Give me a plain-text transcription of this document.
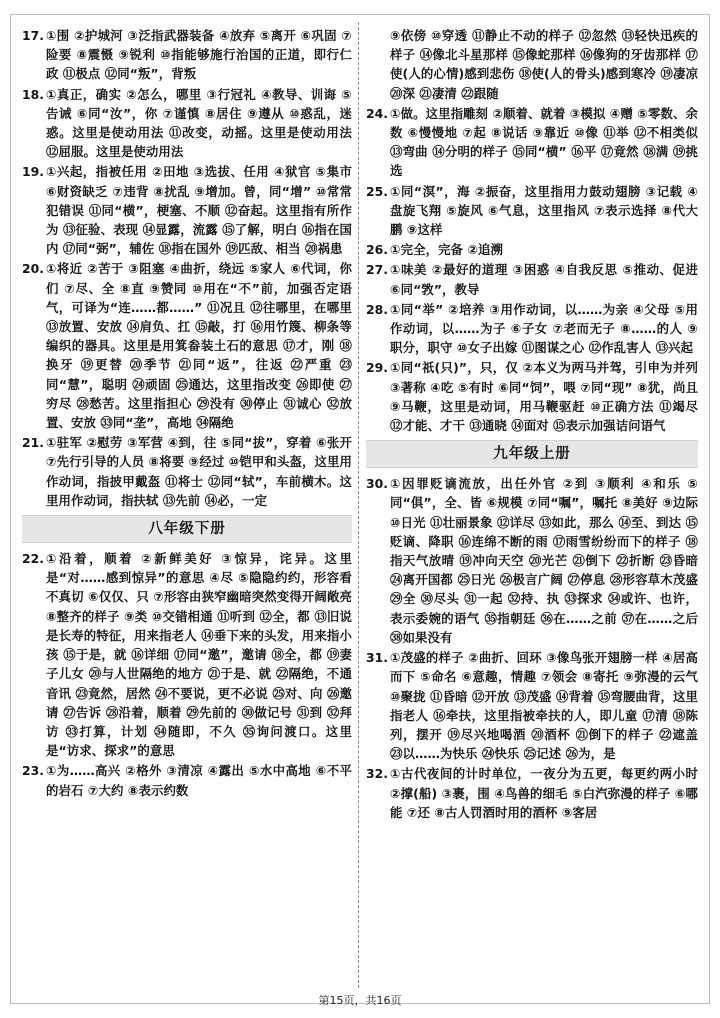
17. ①围 ②护城河 ③泛指武器装备 ④放弃 ⑤离开 ⑥巩固 ⑦险要 ⑧震慑 ⑨锐利 ⑩指能够施行治国的正道，即行仁政 ⑪极点 ⑫同“叛”，背叛
18. ①真正，确实 ②怎么，哪里 ③行冠礼 ④教导、训诲 ⑤告诫 ⑥同“汝”，你 ⑦谨慎 ⑧居住 ⑨遵从 ⑩惑乱，迷惑。这里是使动用法 ⑪改变，动摇。这里是使动用法 ⑫屈服。这里是使动用法
19. ①兴起，指被任用 ②田地 ③选拔、任用 ④狱官 ⑤集市 ⑥财资缺乏 ⑦违背 ⑧扰乱 ⑨增加。曾，同“增” ⑩常常犯错误 ⑪同“横”，梗塞、不顺 ⑫奋起。这里指有所作为 ⑬征验、表现 ⑭显露，流露 ⑮了解，明白 ⑯指在国内 ⑰同“弼”，辅佐 ⑱指在国外 ⑲匹敌、相当 ⑳祸患
20. ①将近 ②苦于 ③阻塞 ④曲折，绕远 ⑤家人 ⑥代词，你们 ⑦尽、全 ⑧直 ⑨赞同 ⑩用在“不”前，加强否定语气，可译为“连……都……” ⑪况且 ⑫往哪里，在哪里 ⑬放置、安放 ⑭肩负、扛 ⑮敲，打 ⑯用竹篾、柳条等编织的器具。这里是用箕畚装土石的意思 ⑰才，刚 ⑱换牙 ⑲更替 ⑳季节 ㉑同“返”，往返 ㉒严重 ㉓同“慧”，聪明 ㉔顽固 ㉕通达，这里指改变 ㉖即使 ㉗穷尽 ㉘愁苦。这里指担心 ㉙没有 ㉚停止 ㉛诚心 ㉜放置、安放 ㉝同“垄”，高地 ㉞隔绝
21. ①驻军 ②慰劳 ③军营 ④到，往 ⑤同“拔”，穿着 ⑥张开 ⑦先行引导的人员 ⑧将要 ⑨经过 ⑩铠甲和头盔，这里用作动词，指披甲戴盔 ⑪将士 ⑫同“轼”，车前横木。这里用作动词，指扶轼 ⑬先前 ⑭必，一定
八年级下册
22. ①沿着，顺着 ②新鲜美好 ③惊异，诧异。这里是“对……感到惊异”的意思 ④尽 ⑤隐隐约约，形容看不真切 ⑥仅仅、只 ⑦形容由狭窄幽暗突然变得开阔敞亮 ⑧整齐的样子 ⑨类 ⑩交错相通 ⑪听到 ⑫全，都 ⑬旧说是长寿的特征，用来指老人 ⑭垂下来的头发，用来指小孩 ⑮于是，就 ⑯详细 ⑰同“邀”，邀请 ⑱全，都 ⑲妻子儿女 ⑳与人世隔绝的地方 ㉑于是、就 ㉒隔绝，不通音讯 ㉓竟然，居然 ㉔不要说，更不必说 ㉕对、向 ㉖邀请 ㉗告诉 ㉘沿着，顺着 ㉙先前的 ㉚做记号 ㉛到 ㉜拜访 ㉝打算，计划 ㉞随即，不久 ㉟询问渡口。这里是“访求、探求”的意思
23. ①为……高兴 ②格外 ③清凉 ④露出 ⑤水中高地 ⑥不平的岩石 ⑦大约 ⑧表示约数
⑨依傍 ⑩穿透 ⑪静止不动的样子 ⑫忽然 ⑬轻快迅疾的样子 ⑭像北斗星那样 ⑮像蛇那样 ⑯像狗的牙齿那样 ⑰使(人的心情)感到悲伤 ⑱使(人的骨头)感到寒冷 ⑲凄凉 ⑳深 ㉑凄清 ㉒跟随
24. ①做。这里指雕刻 ②顺着、就着 ③模拟 ④赠 ⑤零数、余数 ⑥慢慢地 ⑦起 ⑧说话 ⑨靠近 ⑩像 ⑪举 ⑫不相类似 ⑬弯曲 ⑭分明的样子 ⑮同“横” ⑯平 ⑰竟然 ⑱满 ⑲挑选
25. ①同“溟”，海 ②振奋，这里指用力鼓动翅膀 ③记载 ④盘旋飞翔 ⑤旋风 ⑥气息，这里指风 ⑦表示选择 ⑧代大鹏 ⑨这样
26. ①完全，完备 ②追溯
27. ①味美 ②最好的道理 ③困惑 ④自我反思 ⑤推动、促进 ⑥同“敩”，教导
28. ①同“举” ②培养 ③用作动词，以……为亲 ④父母 ⑤用作动词，以……为子 ⑥子女 ⑦老而无子 ⑧……的人 ⑨职分，职守 ⑩女子出嫁 ⑪图谋之心 ⑫作乱害人 ⑬兴起
29. ①同“祇(只)”，只，仅 ②本义为两马并驾，引申为并列 ③著称 ④吃 ⑤有时 ⑥同“饲”，喂 ⑦同“现” ⑧犹，尚且 ⑨马鞭，这里是动词，用马鞭驱赶 ⑩正确方法 ⑪竭尽 ⑫才能、才干 ⑬通晓 ⑭面对 ⑮表示加强诘问语气
九年级上册
30. ①因罪贬谪流放，出任外官 ②到 ③顺利 ④和乐 ⑤同“俱”，全、皆 ⑥规模 ⑦同“嘱”，嘱托 ⑧美好 ⑨边际 ⑩日光 ⑪壮丽景象 ⑫详尽 ⑬如此，那么 ⑭至、到达 ⑮贬谪、降职 ⑯连绵不断的雨 ⑰雨雪纷纷而下的样子 ⑱指天气放晴 ⑲冲向天空 ⑳光芒 ㉑倒下 ㉒折断 ㉓昏暗 ㉔离开国都 ㉕日光 ㉖极言广阔 ㉗停息 ㉘形容草木茂盛 ㉙全 ㉚尽头 ㉛一起 ㉜持、执 ㉝探求 ㉞或许、也许，表示委婉的语气 ㉟指朝廷 ㊱在……之前 ㊲在……之后 ㊳如果没有
31. ①茂盛的样子 ②曲折、回环 ③像鸟张开翅膀一样 ④居高而下 ⑤命名 ⑥意趣，情趣 ⑦领会 ⑧寄托 ⑨弥漫的云气 ⑩聚拢 ⑪昏暗 ⑫开放 ⑬茂盛 ⑭背着 ⑮弯腰曲背，这里指老人 ⑯牵扶，这里指被牵扶的人，即儿童 ⑰清 ⑱陈列，摆开 ⑲尽兴地喝酒 ⑳酒杯 ㉑倒下的样子 ㉒遮盖 ㉓以……为快乐 ㉔快乐 ㉕记述 ㉖为，是
32. ①古代夜间的计时单位，一夜分为五更，每更约两小时 ②撑(船) ③裹，围 ④鸟兽的细毛 ⑤白汽弥漫的样子 ⑥哪能 ⑦还 ⑧古人罚酒时用的酒杯 ⑨客居
第15页，共16页
